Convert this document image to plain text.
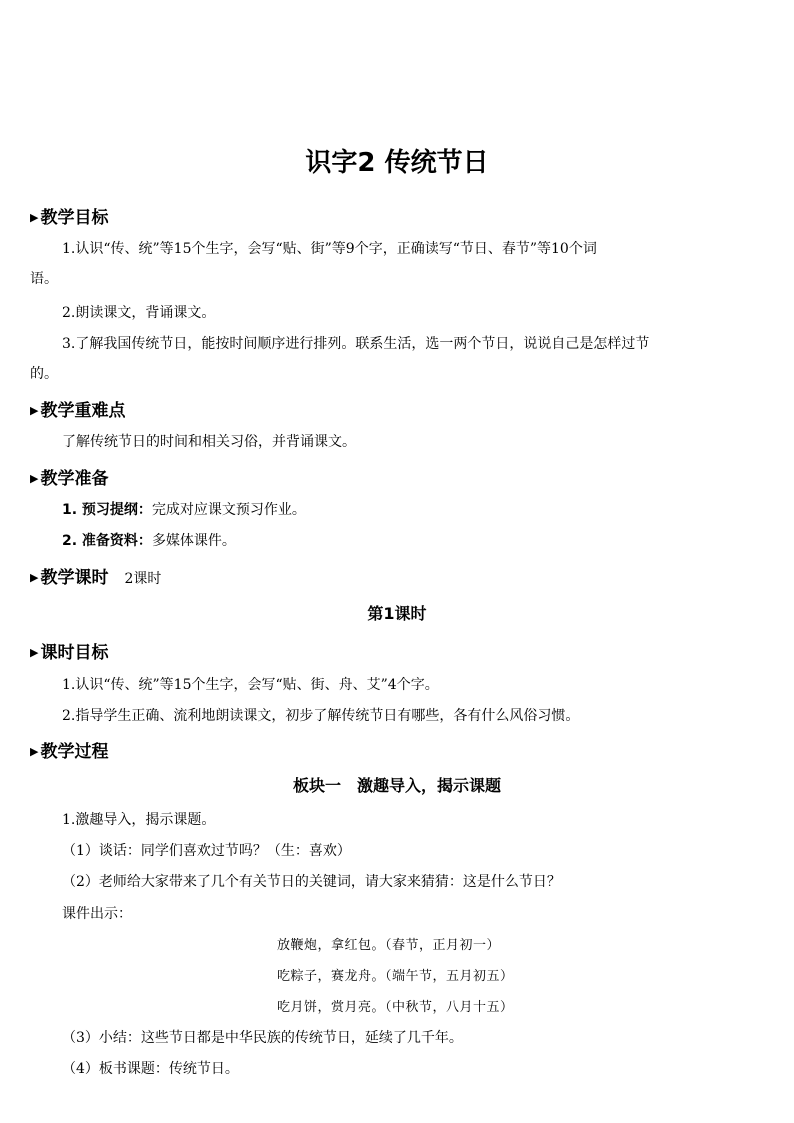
识字2 传统节日
▶ 教学目标
1.认识“传、统”等15个生字，会写“贴、街”等9个字，正确读写“节日、春节”等10个词
语。
2.朗读课文，背诵课文。
3.了解我国传统节日，能按时间顺序进行排列。联系生活，选一两个节日，说说自己是怎样过节
的。
▶ 教学重难点
了解传统节日的时间和相关习俗，并背诵课文。
▶ 教学准备
1. 预习提纲：完成对应课文预习作业。
2. 准备资料：多媒体课件。
▶ 教学课时 2课时
第1课时
▶ 课时目标
1.认识“传、统”等15个生字，会写“贴、街、舟、艾”4个字。
2.指导学生正确、流利地朗读课文，初步了解传统节日有哪些，各有什么风俗习惯。
▶ 教学过程
板块一　激趣导入，揭示课题
1.激趣导入，揭示课题。
（1）谈话：同学们喜欢过节吗？（生：喜欢）
（2）老师给大家带来了几个有关节日的关键词，请大家来猜猜：这是什么节日？
课件出示：
放鞭炮，拿红包。（春节，正月初一）
吃粽子，赛龙舟。（端午节，五月初五）
吃月饼，赏月亮。（中秋节，八月十五）
（3）小结：这些节日都是中华民族的传统节日，延续了几千年。
（4）板书课题：传统节日。
